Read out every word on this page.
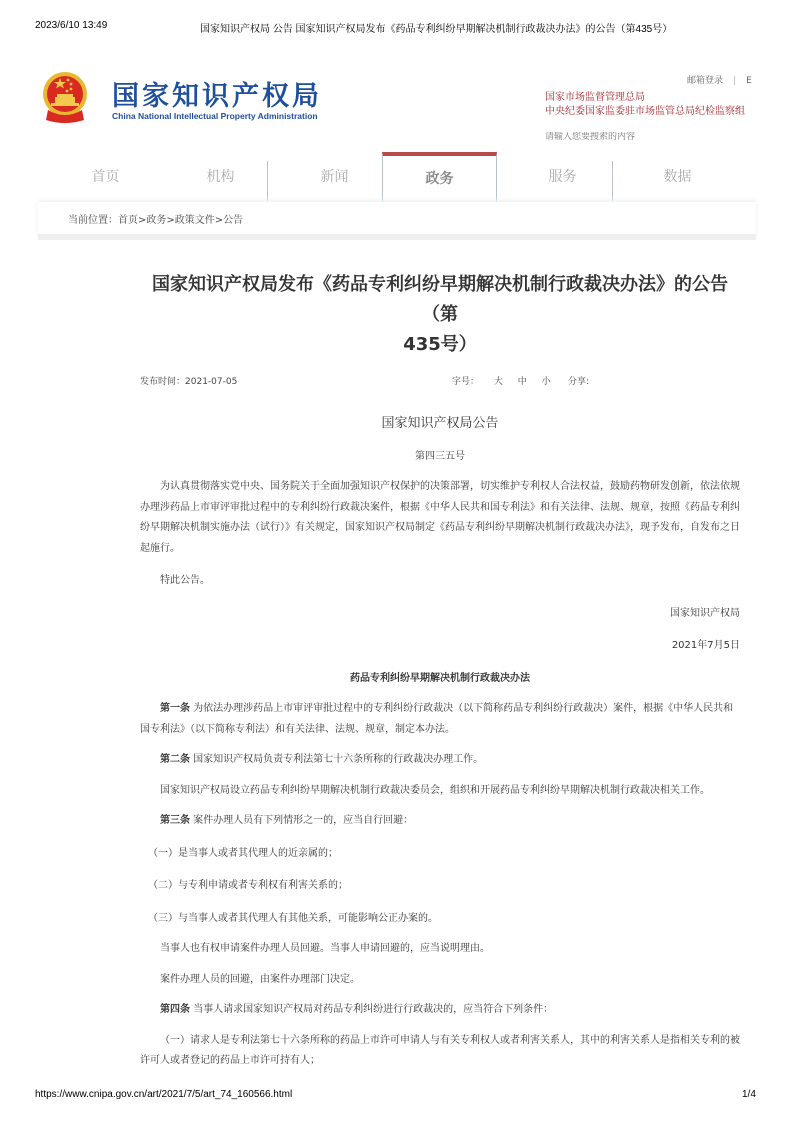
2023/6/10 13:49	国家知识产权局 公告 国家知识产权局发布《药品专利纠纷早期解决机制行政裁决办法》的公告（第435号）
国家知识产权局
China National Intellectual Property Administration
邮箱登录 | E
国家市场监督管理总局
中央纪委国家监委驻市场监管总局纪检监察组
请输入您要搜索的内容
首页	机构	新闻	政务	服务	数据
当前位置：首页>政务>政策文件>公告
国家知识产权局发布《药品专利纠纷早期解决机制行政裁决办法》的公告（第
435号）
发布时间：2021-07-05	字号： 大 中 小	分享:
国家知识产权局公告
第四三五号

为认真贯彻落实党中央、国务院关于全面加强知识产权保护的决策部署，切实维护专利权人合法权益，鼓励药物研发创新，依法依规办理涉药品上市审评审批过程中的专利纠纷行政裁决案件，根据《中华人民共和国专利法》和有关法律、法规、规章，按照《药品专利纠纷早期解决机制实施办法（试行）》有关规定，国家知识产权局制定《药品专利纠纷早期解决机制行政裁决办法》，现予发布，自发布之日起施行。

特此公告。

国家知识产权局

2021年7月5日

药品专利纠纷早期解决机制行政裁决办法

第一条 为依法办理涉药品上市审评审批过程中的专利纠纷行政裁决（以下简称药品专利纠纷行政裁决）案件，根据《中华人民共和国专利法》（以下简称专利法）和有关法律、法规、规章，制定本办法。

第二条 国家知识产权局负责专利法第七十六条所称的行政裁决办理工作。

国家知识产权局设立药品专利纠纷早期解决机制行政裁决委员会，组织和开展药品专利纠纷早期解决机制行政裁决相关工作。

第三条 案件办理人员有下列情形之一的，应当自行回避：

（一）是当事人或者其代理人的近亲属的；

（二）与专利申请或者专利权有利害关系的；

（三）与当事人或者其代理人有其他关系，可能影响公正办案的。

当事人也有权申请案件办理人员回避。当事人申请回避的，应当说明理由。

案件办理人员的回避，由案件办理部门决定。

第四条 当事人请求国家知识产权局对药品专利纠纷进行行政裁决的，应当符合下列条件：

（一）请求人是专利法第七十六条所称的药品上市许可申请人与有关专利权人或者利害关系人，其中的利害关系人是指相关专利的被许可人或者登记的药品上市许可持有人；

https://www.cnipa.gov.cn/art/2021/7/5/art_74_160566.html	1/4
